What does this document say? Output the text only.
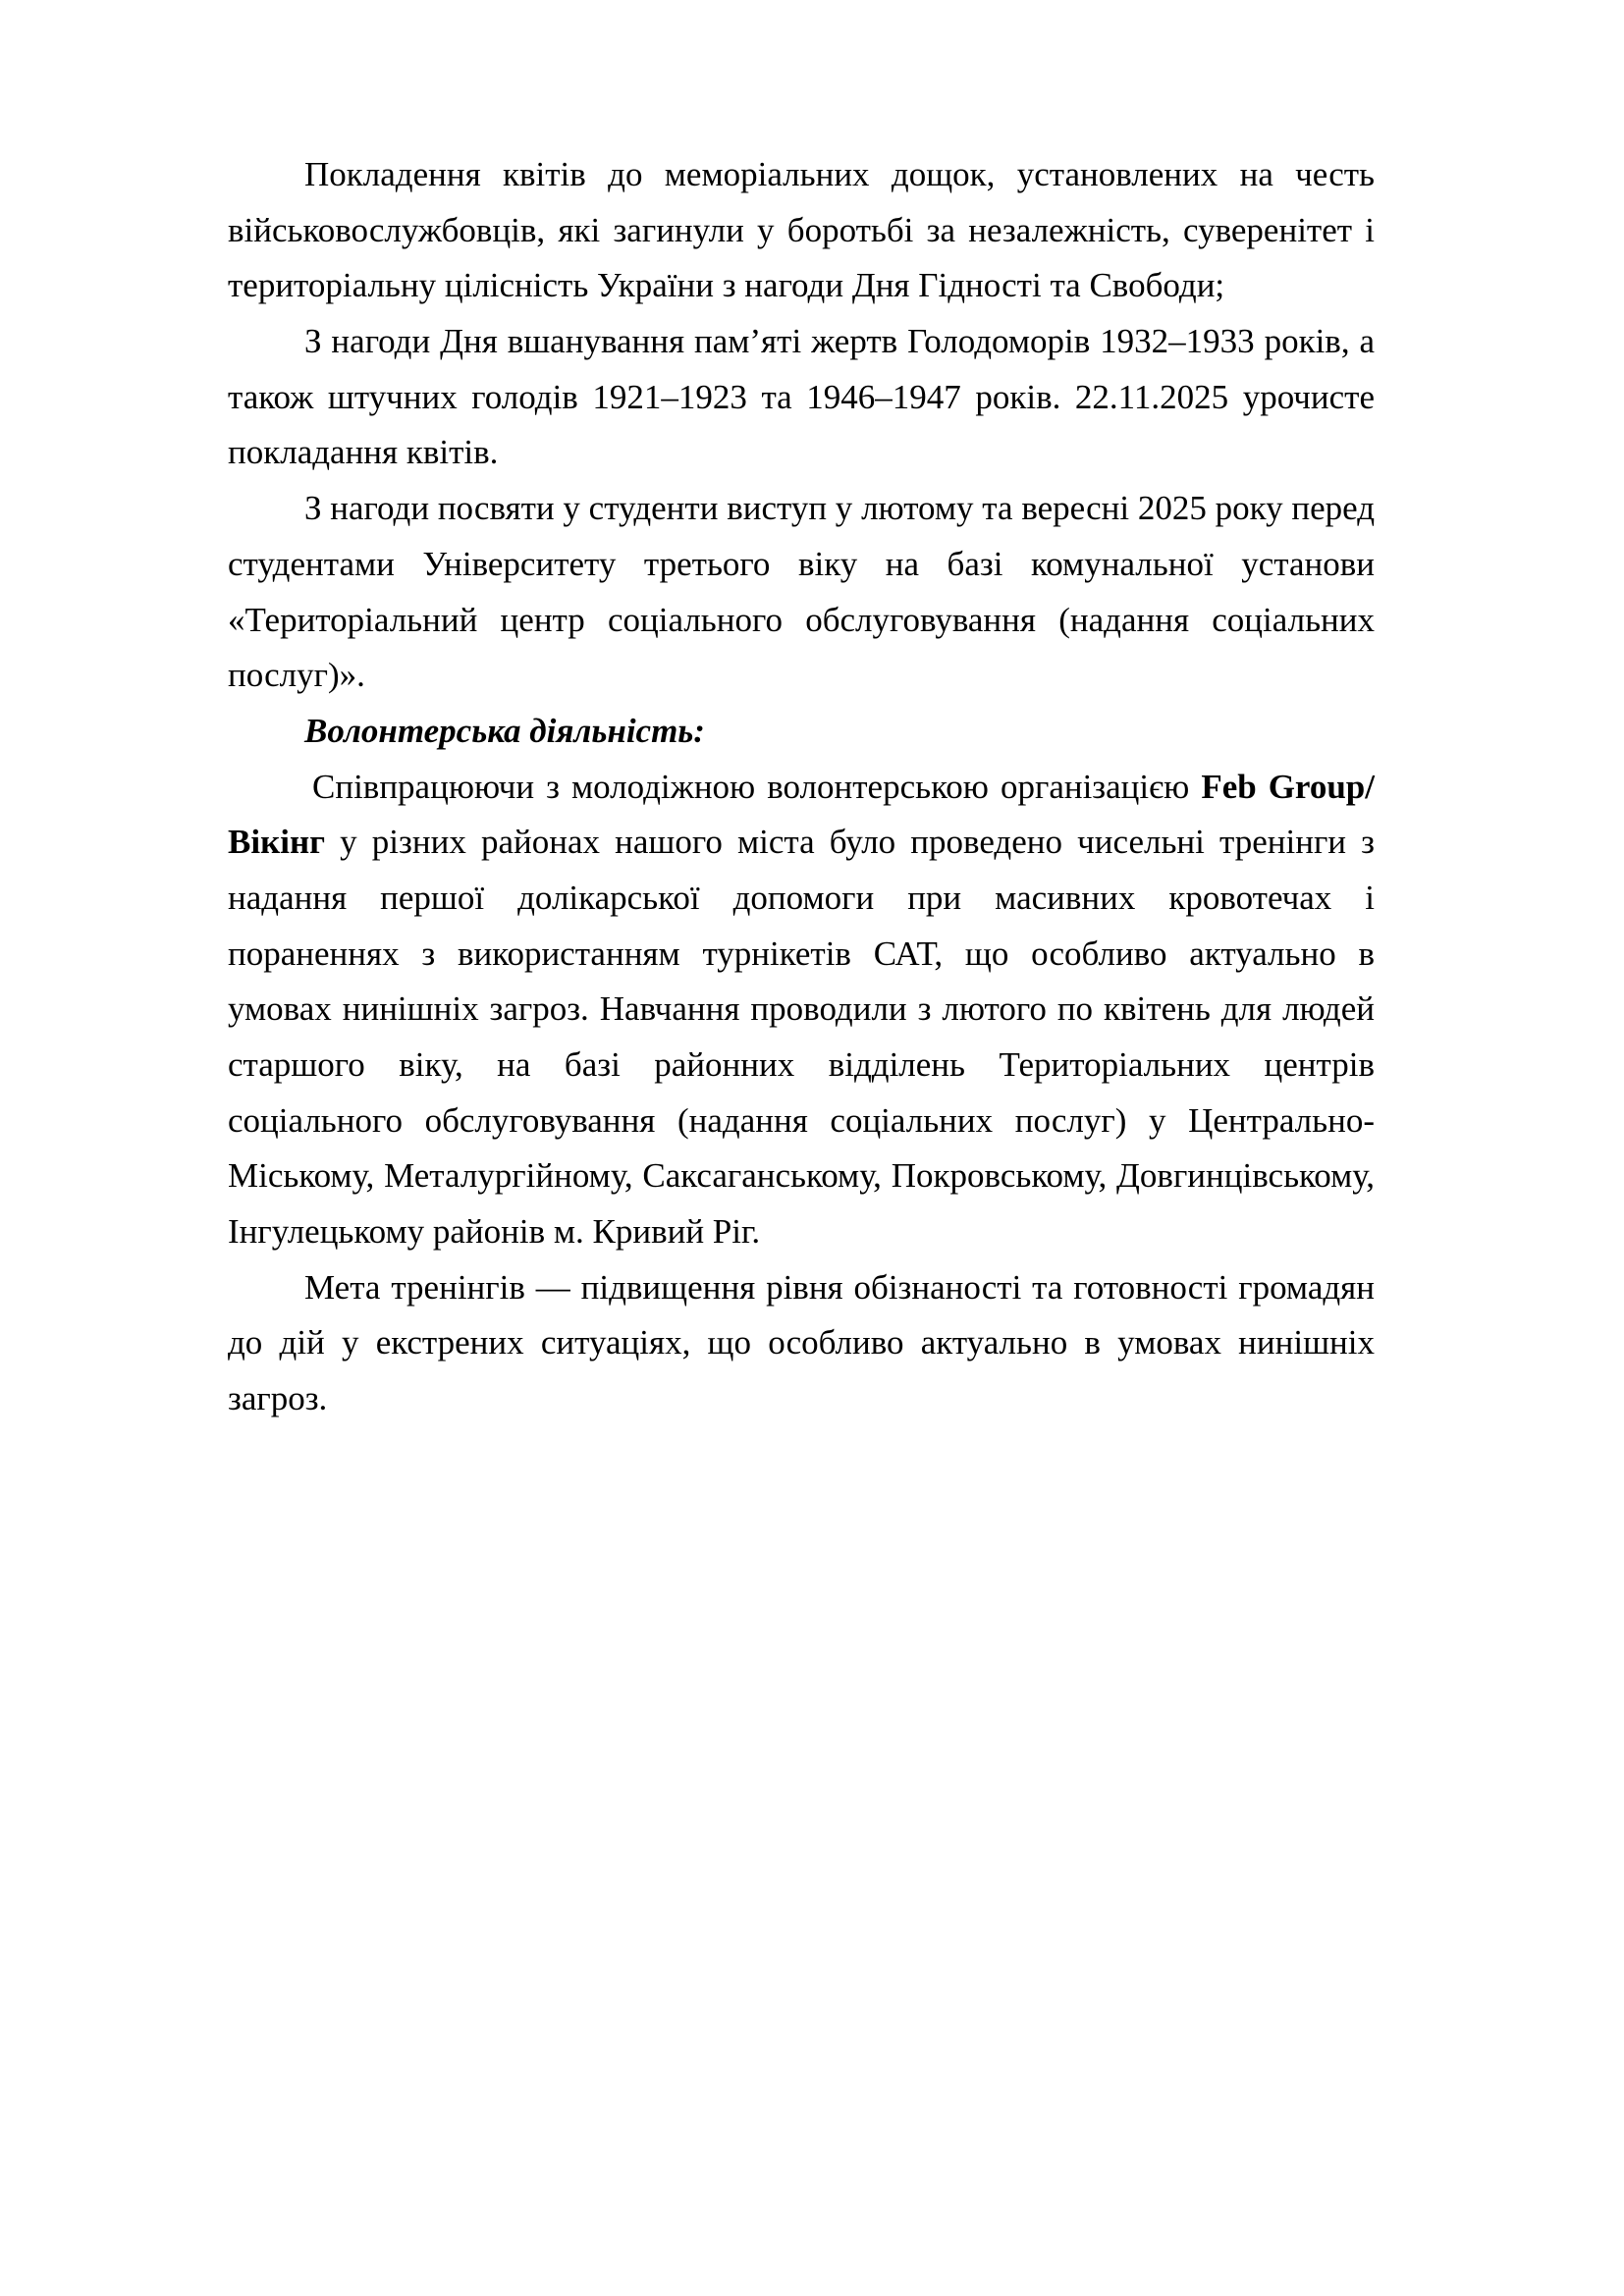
Покладення квітів до меморіальних дощок, установлених на честь військовослужбовців, які загинули у боротьбі за незалежність, суверенітет і територіальну цілісність України з нагоди Дня Гідності та Свободи;

З нагоди Дня вшанування пам’яті жертв Голодоморів 1932–1933 років, а також штучних голодів 1921–1923 та 1946–1947 років. 22.11.2025 урочисте покладання квітів.

З нагоди посвяти у студенти виступ у лютому та вересні 2025 року перед студентами Університету третього віку на базі комунальної установи «Територіальний центр соціального обслуговування (надання соціальних послуг)».

Волонтерська діяльність:

Співпрацюючи з молодіжною волонтерською організацією Feb Group/Вікінг у різних районах нашого міста було проведено чисельні тренінги з надання першої долікарської допомоги при масивних кровотечах і пораненнях з використанням турнікетів САТ, що особливо актуально в умовах нинішніх загроз. Навчання проводили з лютого по квітень для людей старшого віку, на базі районних відділень Територіальних центрів соціального обслуговування (надання соціальних послуг) у Центрально-Міському, Металургійному, Саксаганському, Покровському, Довгинцівському, Інгулецькому районів м. Кривий Ріг.

Мета тренінгів — підвищення рівня обізнаності та готовності громадян до дій у екстрених ситуаціях, що особливо актуально в умовах нинішніх загроз.
